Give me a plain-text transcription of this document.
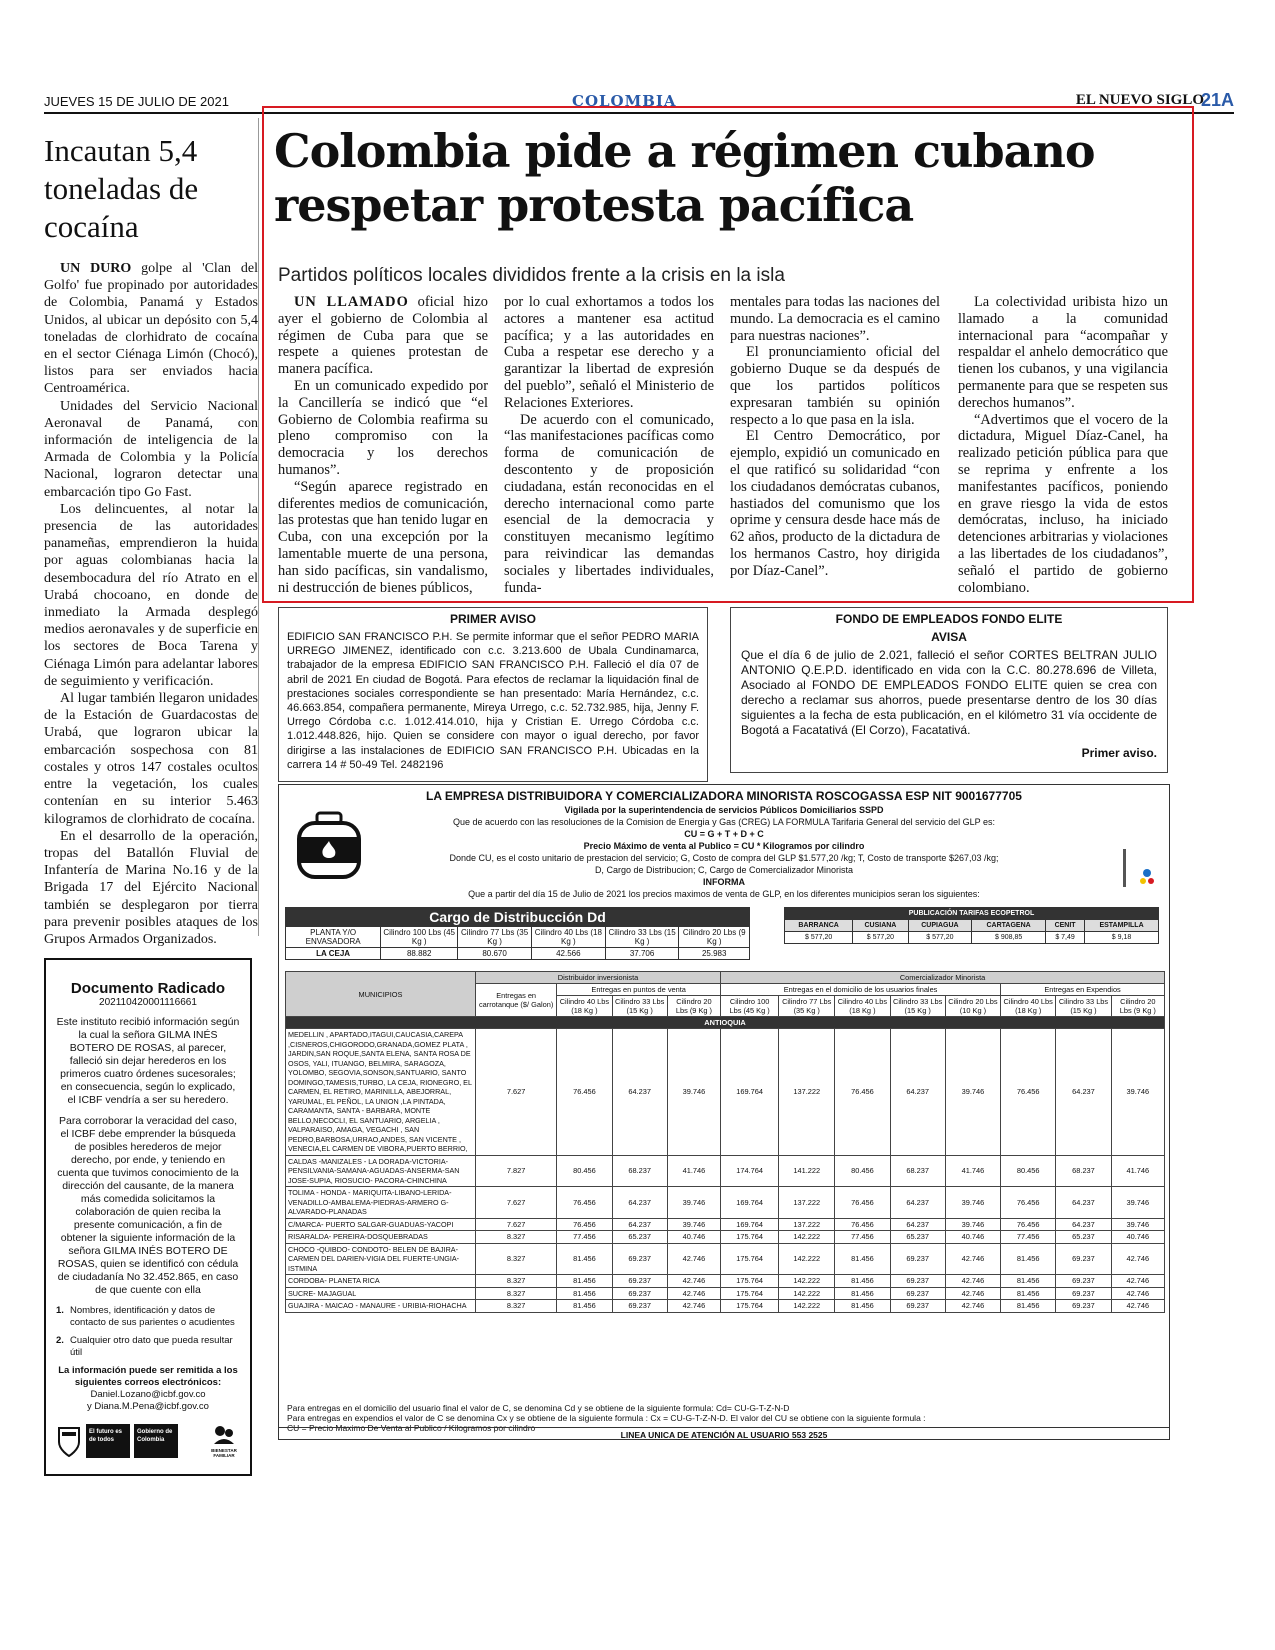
JUEVES 15 DE JULIO DE 2021	COLOMBIA	EL NUEVO SIGLO
21A
Incautan 5,4 toneladas de cocaína

UN DURO golpe al 'Clan del Golfo' fue propinado por autoridades de Colombia, Panamá y Estados Unidos, al ubicar un depósito con 5,4 toneladas de clorhidrato de cocaína en el sector Ciénaga Limón (Chocó), listos para ser enviados hacia Centroamérica.

Unidades del Servicio Nacional Aeronaval de Panamá, con información de inteligencia de la Armada de Colombia y la Policía Nacional, lograron detectar una embarcación tipo Go Fast.

Los delincuentes, al notar la presencia de las autoridades panameñas, emprendieron la huida por aguas colombianas hacia la desembocadura del río Atrato en el Urabá chocoano, en donde de inmediato la Armada desplegó medios aeronavales y de superficie en los sectores de Boca Tarena y Ciénaga Limón para adelantar labores de seguimiento y verificación.

Al lugar también llegaron unidades de la Estación de Guardacostas de Urabá, que lograron ubicar la embarcación sospechosa con 81 costales y otros 147 costales ocultos entre la vegetación, los cuales contenían en su interior 5.463 kilogramos de clorhidrato de cocaína.

En el desarrollo de la operación, tropas del Batallón Fluvial de Infantería de Marina No.16 y de la Brigada 17 del Ejército Nacional también se desplegaron por tierra para prevenir posibles ataques de los Grupos Armados Organizados.

Colombia pide a régimen cubano respetar protesta pacífica
Partidos políticos locales divididos frente a la crisis en la isla

UN LLAMADO oficial hizo ayer el gobierno de Colombia al régimen de Cuba para que se respete a quienes protestan de manera pacífica.

En un comunicado expedido por la Cancillería se indicó que “el Gobierno de Colombia reafirma su pleno compromiso con la democracia y los derechos humanos”.

“Según aparece registrado en diferentes medios de comunicación, las protestas que han tenido lugar en Cuba, con una excepción por la lamentable muerte de una persona, han sido pacíficas, sin vandalismo, ni destrucción de bienes públicos,

por lo cual exhortamos a todos los actores a mantener esa actitud pacífica; y a las autoridades en Cuba a respetar ese derecho y a garantizar la libertad de expresión del pueblo”, señaló el Ministerio de Relaciones Exteriores.

De acuerdo con el comunicado, “las manifestaciones pacíficas como forma de comunicación de descontento y de proposición ciudadana, están reconocidas en el derecho internacional como parte esencial de la democracia y constituyen mecanismo legítimo para reivindicar las demandas sociales y libertades individuales, funda-

mentales para todas las naciones del mundo. La democracia es el camino para nuestras naciones”.

El pronunciamiento oficial del gobierno Duque se da después de que los partidos políticos expresaran también su opinión respecto a lo que pasa en la isla.

El Centro Democrático, por ejemplo, expidió un comunicado en el que ratificó su solidaridad “con los ciudadanos demócratas cubanos, hastiados del comunismo que los oprime y censura desde hace más de 62 años, producto de la dictadura de los hermanos Castro, hoy dirigida por Díaz-Canel”.

La colectividad uribista hizo un llamado a la comunidad internacional para “acompañar y respaldar el anhelo democrático que tienen los cubanos, y una vigilancia permanente para que se respeten sus derechos humanos”.

“Advertimos que el vocero de la dictadura, Miguel Díaz-Canel, ha realizado petición pública para que se reprima y enfrente a los manifestantes pacíficos, poniendo en grave riesgo la vida de estos demócratas, incluso, ha iniciado detenciones arbitrarias y violaciones a las libertades de los ciudadanos”, señaló el partido de gobierno colombiano.

PRIMER AVISO
EDIFICIO SAN FRANCISCO P.H. Se permite informar que el señor PEDRO MARIA URREGO JIMENEZ, identificado con c.c. 3.213.600 de Ubala Cundinamarca, trabajador de la empresa EDIFICIO SAN FRANCISCO P.H. Falleció el día 07 de abril de 2021 En ciudad de Bogotá. Para efectos de reclamar la liquidación final de prestaciones sociales correspondiente se han presentado: María Hernández, c.c. 46.663.854, compañera permanente, Mireya Urrego, c.c. 52.732.985, hija, Jenny F. Urrego Córdoba c.c. 1.012.414.010, hija y Cristian E. Urrego Córdoba c.c. 1.012.448.826, hijo. Quien se considere con mayor o igual derecho, por favor dirigirse a las instalaciones de EDIFICIO SAN FRANCISCO P.H. Ubicadas en la carrera 14 # 50-49 Tel. 2482196
FONDO DE EMPLEADOS FONDO ELITE
AVISA
Que el día 6 de julio de 2.021, falleció el señor CORTES BELTRAN JULIO ANTONIO Q.E.P.D. identificado en vida con la C.C. 80.278.696 de Villeta, Asociado al FONDO DE EMPLEADOS FONDO ELITE quien se crea con derecho a reclamar sus ahorros, puede presentarse dentro de los 30 días siguientes a la fecha de esta publicación, en el kilómetro 31 vía occidente de Bogotá a Facatativá (El Corzo), Facatativá.
Primer aviso.
LA EMPRESA DISTRIBUIDORA Y COMERCIALIZADORA MINORISTA ROSCOGASSA ESP NIT 9001677705
Vigilada por la superintendencia de servicios Públicos Domiciliarios SSPD
Que de acuerdo con las resoluciones de la Comision de Energia y Gas (CREG) LA FORMULA Tarifaria General del servicio del GLP es:
CU = G + T + D + C
Precio Máximo de venta al Publico = CU * Kilogramos por cilindro
Donde CU, es el costo unitario de prestacion del servicio; G, Costo de compra del GLP $1.577,20 /kg; T, Costo de transporte $267,03 /kg;
D, Cargo de Distribucion; C, Cargo de Comercializador Minorista
INFORMA
Que a partir del día 15 de Julio de 2021 los precios maximos de venta de GLP, en los diferentes municipios seran los siguientes:
Cargo de Distribucción Dd					
PLANTA Y/O ENVASADORA	Cilindro 100 Lbs (45 Kg )	Cilindro 77 Lbs (35 Kg )	Cilindro 40 Lbs (18 Kg )	Cilindro 33 Lbs (15 Kg )	Cilindro 20 Lbs (9 Kg )
LA CEJA	88.882	80.670	42.566	37.706	25.983
PUBLICACIÓN TARIFAS ECOPETROL					
BARRANCA	CUSIANA	CUPIAGUA	CARTAGENA	CENIT	ESTAMPILLA
$ 577,20	$ 577,20	$ 577,20	$ 908,85	$ 7,49	$ 9,18
MUNICIPIOS	Distribuidor inversionista				Comercializador Minorista							
	Entregas en carrotanque ($/ Galon)	Entregas en puntos de venta			Entregas en el domicilio de los usuarios finales					Entregas en Expendios		
		Cilindro 40 Lbs (18 Kg )	Cilindro 33 Lbs (15 Kg )	Cilindro 20 Lbs (9 Kg )	Cilindro 100 Lbs (45 Kg )	Cilindro 77 Lbs (35 Kg )	Cilindro 40 Lbs (18 Kg )	Cilindro 33 Lbs (15 Kg )	Cilindro 20 Lbs (10 Kg )	Cilindro 40 Lbs (18 Kg )	Cilindro 33 Lbs (15 Kg )	Cilindro 20 Lbs (9 Kg )
ANTIOQUIA												
MEDELLIN , APARTADO,ITAGUI,CAUCASIA,CAREPA ,CISNEROS,CHIGORODO,GRANADA,GOMEZ PLATA , JARDIN,SAN ROQUE,SANTA ELENA, SANTA ROSA DE OSOS, YALI, ITUANGO, BELMIRA, SARAGOZA, YOLOMBO, SEGOVIA,SONSON,SANTUARIO, SANTO DOMINGO,TAMESIS,TURBO, LA CEJA, RIONEGRO, EL CARMEN, EL RETIRO, MARINILLA, ABEJORRAL, YARUMAL, EL PEÑOL, LA UNION ,LA PINTADA, CARAMANTA, SANTA - BARBARA, MONTE BELLO,NECOCLI, EL SANTUARIO, ARGELIA , VALPARAISO, AMAGA, VEGACHI , SAN PEDRO,BARBOSA,URRAO,ANDES, SAN VICENTE , VENECIA,EL CARMEN DE VIBORA,PUERTO BERRIO,	7.627	76.456	64.237	39.746	169.764	137.222	76.456	64.237	39.746	76.456	64.237	39.746
CALDAS -MANIZALES - LA DORADA-VICTORIA-PENSILVANIA-SAMANA-AGUADAS-ANSERMA-SAN JOSE-SUPIA, RIOSUCIO- PACORA-CHINCHINA	7.827	80.456	68.237	41.746	174.764	141.222	80.456	68.237	41.746	80.456	68.237	41.746
TOLIMA - HONDA - MARIQUITA-LIBANO-LERIDA-VENADILLO-AMBALEMA-PIEDRAS-ARMERO G-ALVARADO-PLANADAS	7.627	76.456	64.237	39.746	169.764	137.222	76.456	64.237	39.746	76.456	64.237	39.746
C/MARCA- PUERTO SALGAR-GUADUAS-YACOPI	7.627	76.456	64.237	39.746	169.764	137.222	76.456	64.237	39.746	76.456	64.237	39.746
RISARALDA- PEREIRA-DOSQUEBRADAS	8.327	77.456	65.237	40.746	175.764	142.222	77.456	65.237	40.746	77.456	65.237	40.746
CHOCO -QUIBDO- CONDOTO- BELEN DE BAJIRA- CARMEN DEL DARIEN-VIGIA DEL FUERTE-UNGIA-ISTMINA	8.327	81.456	69.237	42.746	175.764	142.222	81.456	69.237	42.746	81.456	69.237	42.746
CORDOBA- PLANETA RICA	8.327	81.456	69.237	42.746	175.764	142.222	81.456	69.237	42.746	81.456	69.237	42.746
SUCRE- MAJAGUAL	8.327	81.456	69.237	42.746	175.764	142.222	81.456	69.237	42.746	81.456	69.237	42.746
GUAJIRA - MAICAO - MANAURE - URIBIA-RIOHACHA	8.327	81.456	69.237	42.746	175.764	142.222	81.456	69.237	42.746	81.456	69.237	42.746
Para entregas en el domicilio del usuario final el valor de C, se denomina Cd y se obtiene de la siguiente formula: Cd= CU-G-T-Z-N-D
Para entregas en expendios el valor de C se denomina Cx y se obtiene de la siguiente formula : Cx = CU-G-T-Z-N-D. El valor del CU se obtiene con la siguiente formula :
CU = Precio Maximo De Venta al Publico / Kilogramos por cilindro
LINEA UNICA DE ATENCIÓN AL USUARIO 553 2525
Documento Radicado
202110420001116661
Este instituto recibió información según la cual la señora GILMA INÉS BOTERO DE ROSAS, al parecer, falleció sin dejar herederos en los primeros cuatro órdenes sucesorales; en consecuencia, según lo explicado, el ICBF vendría a ser su heredero.
Para corroborar la veracidad del caso, el ICBF debe emprender la búsqueda de posibles herederos de mejor derecho, por ende, y teniendo en cuenta que tuvimos conocimiento de la dirección del causante, de la manera más comedida solicitamos la colaboración de quien reciba la presente comunicación, a fin de obtener la siguiente información de la señora GILMA INÉS BOTERO DE ROSAS, quien se identificó con cédula de ciudadanía No 32.452.865, en caso de que cuente con ella
1. Nombres, identificación y datos de contacto de sus parientes o acudientes
2. Cualquier otro dato que pueda resultar útil
La información puede ser remitida a los siguientes correos electrónicos:
Daniel.Lozano@icbf.gov.co
y Diana.M.Pena@icbf.gov.co
El futuro es de todos
Gobierno de Colombia
BIENESTAR FAMILIAR
